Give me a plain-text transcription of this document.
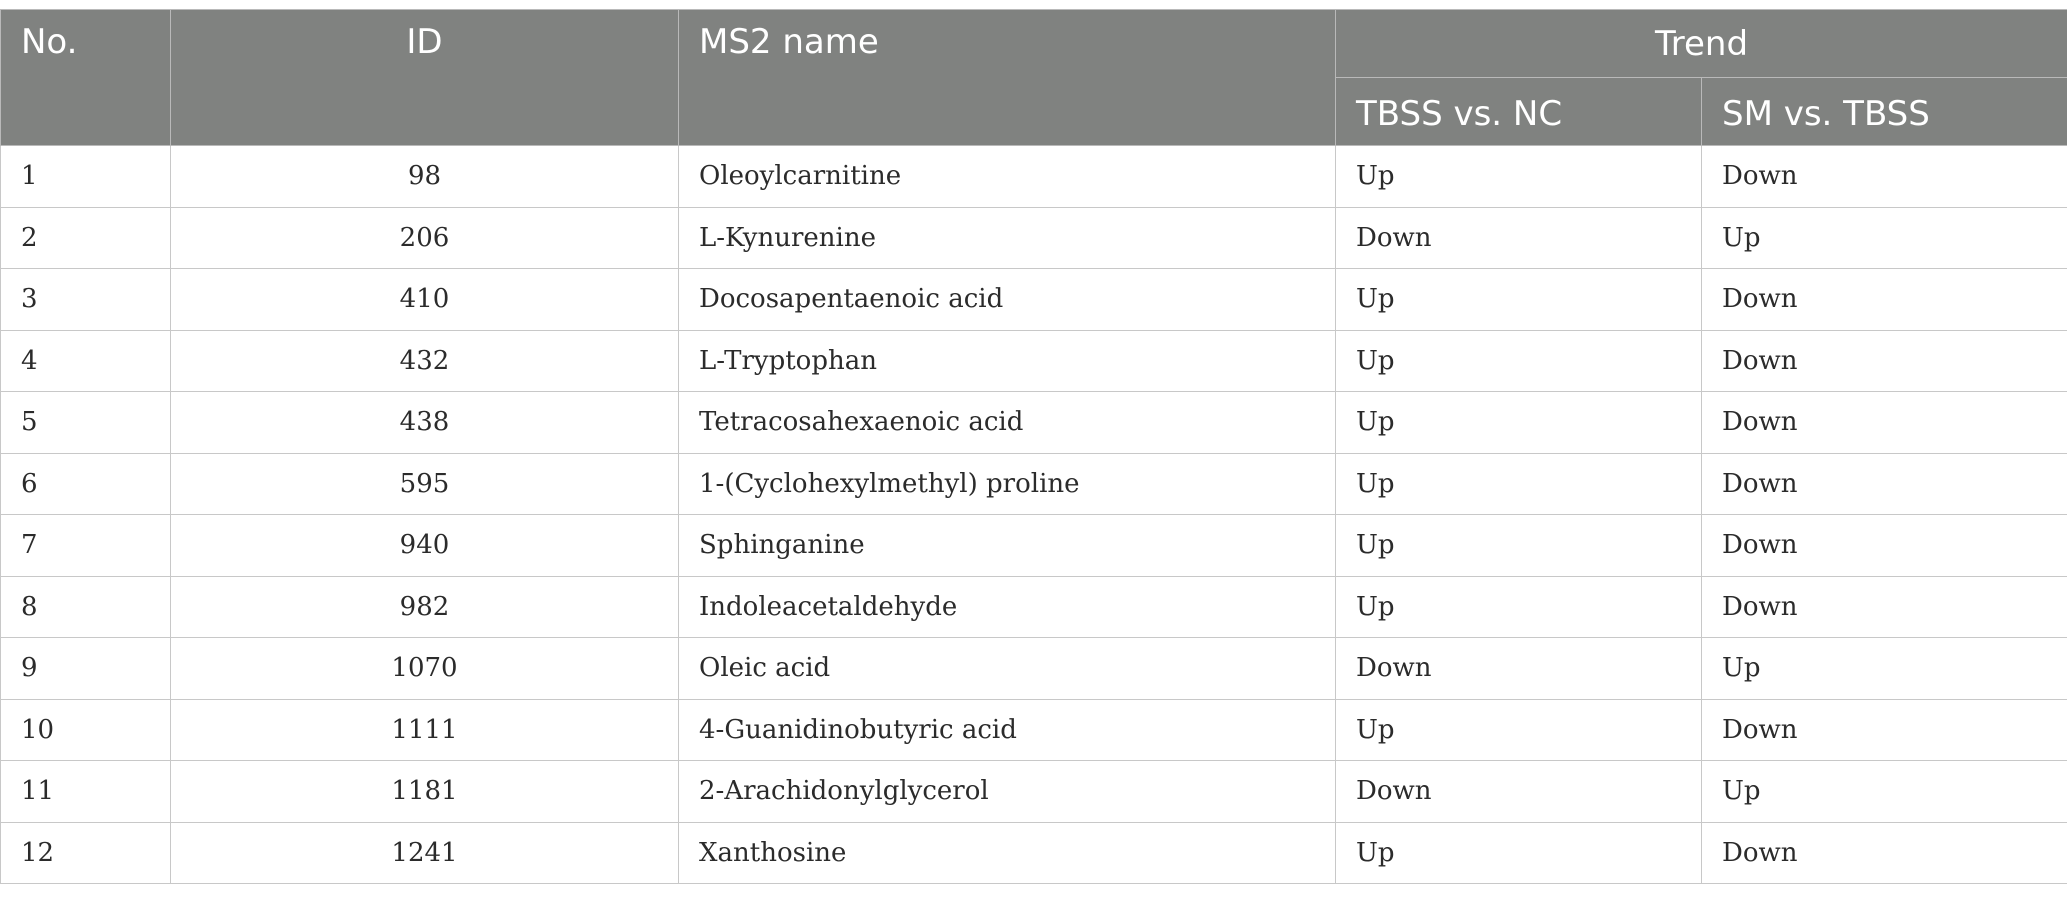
No.	ID	MS2 name	Trend	
			TBSS vs. NC	SM vs. TBSS
1	98	Oleoylcarnitine	Up	Down
2	206	L-Kynurenine	Down	Up
3	410	Docosapentaenoic acid	Up	Down
4	432	L-Tryptophan	Up	Down
5	438	Tetracosahexaenoic acid	Up	Down
6	595	1-(Cyclohexylmethyl) proline	Up	Down
7	940	Sphinganine	Up	Down
8	982	Indoleacetaldehyde	Up	Down
9	1070	Oleic acid	Down	Up
10	1111	4-Guanidinobutyric acid	Up	Down
11	1181	2-Arachidonylglycerol	Down	Up
12	1241	Xanthosine	Up	Down
